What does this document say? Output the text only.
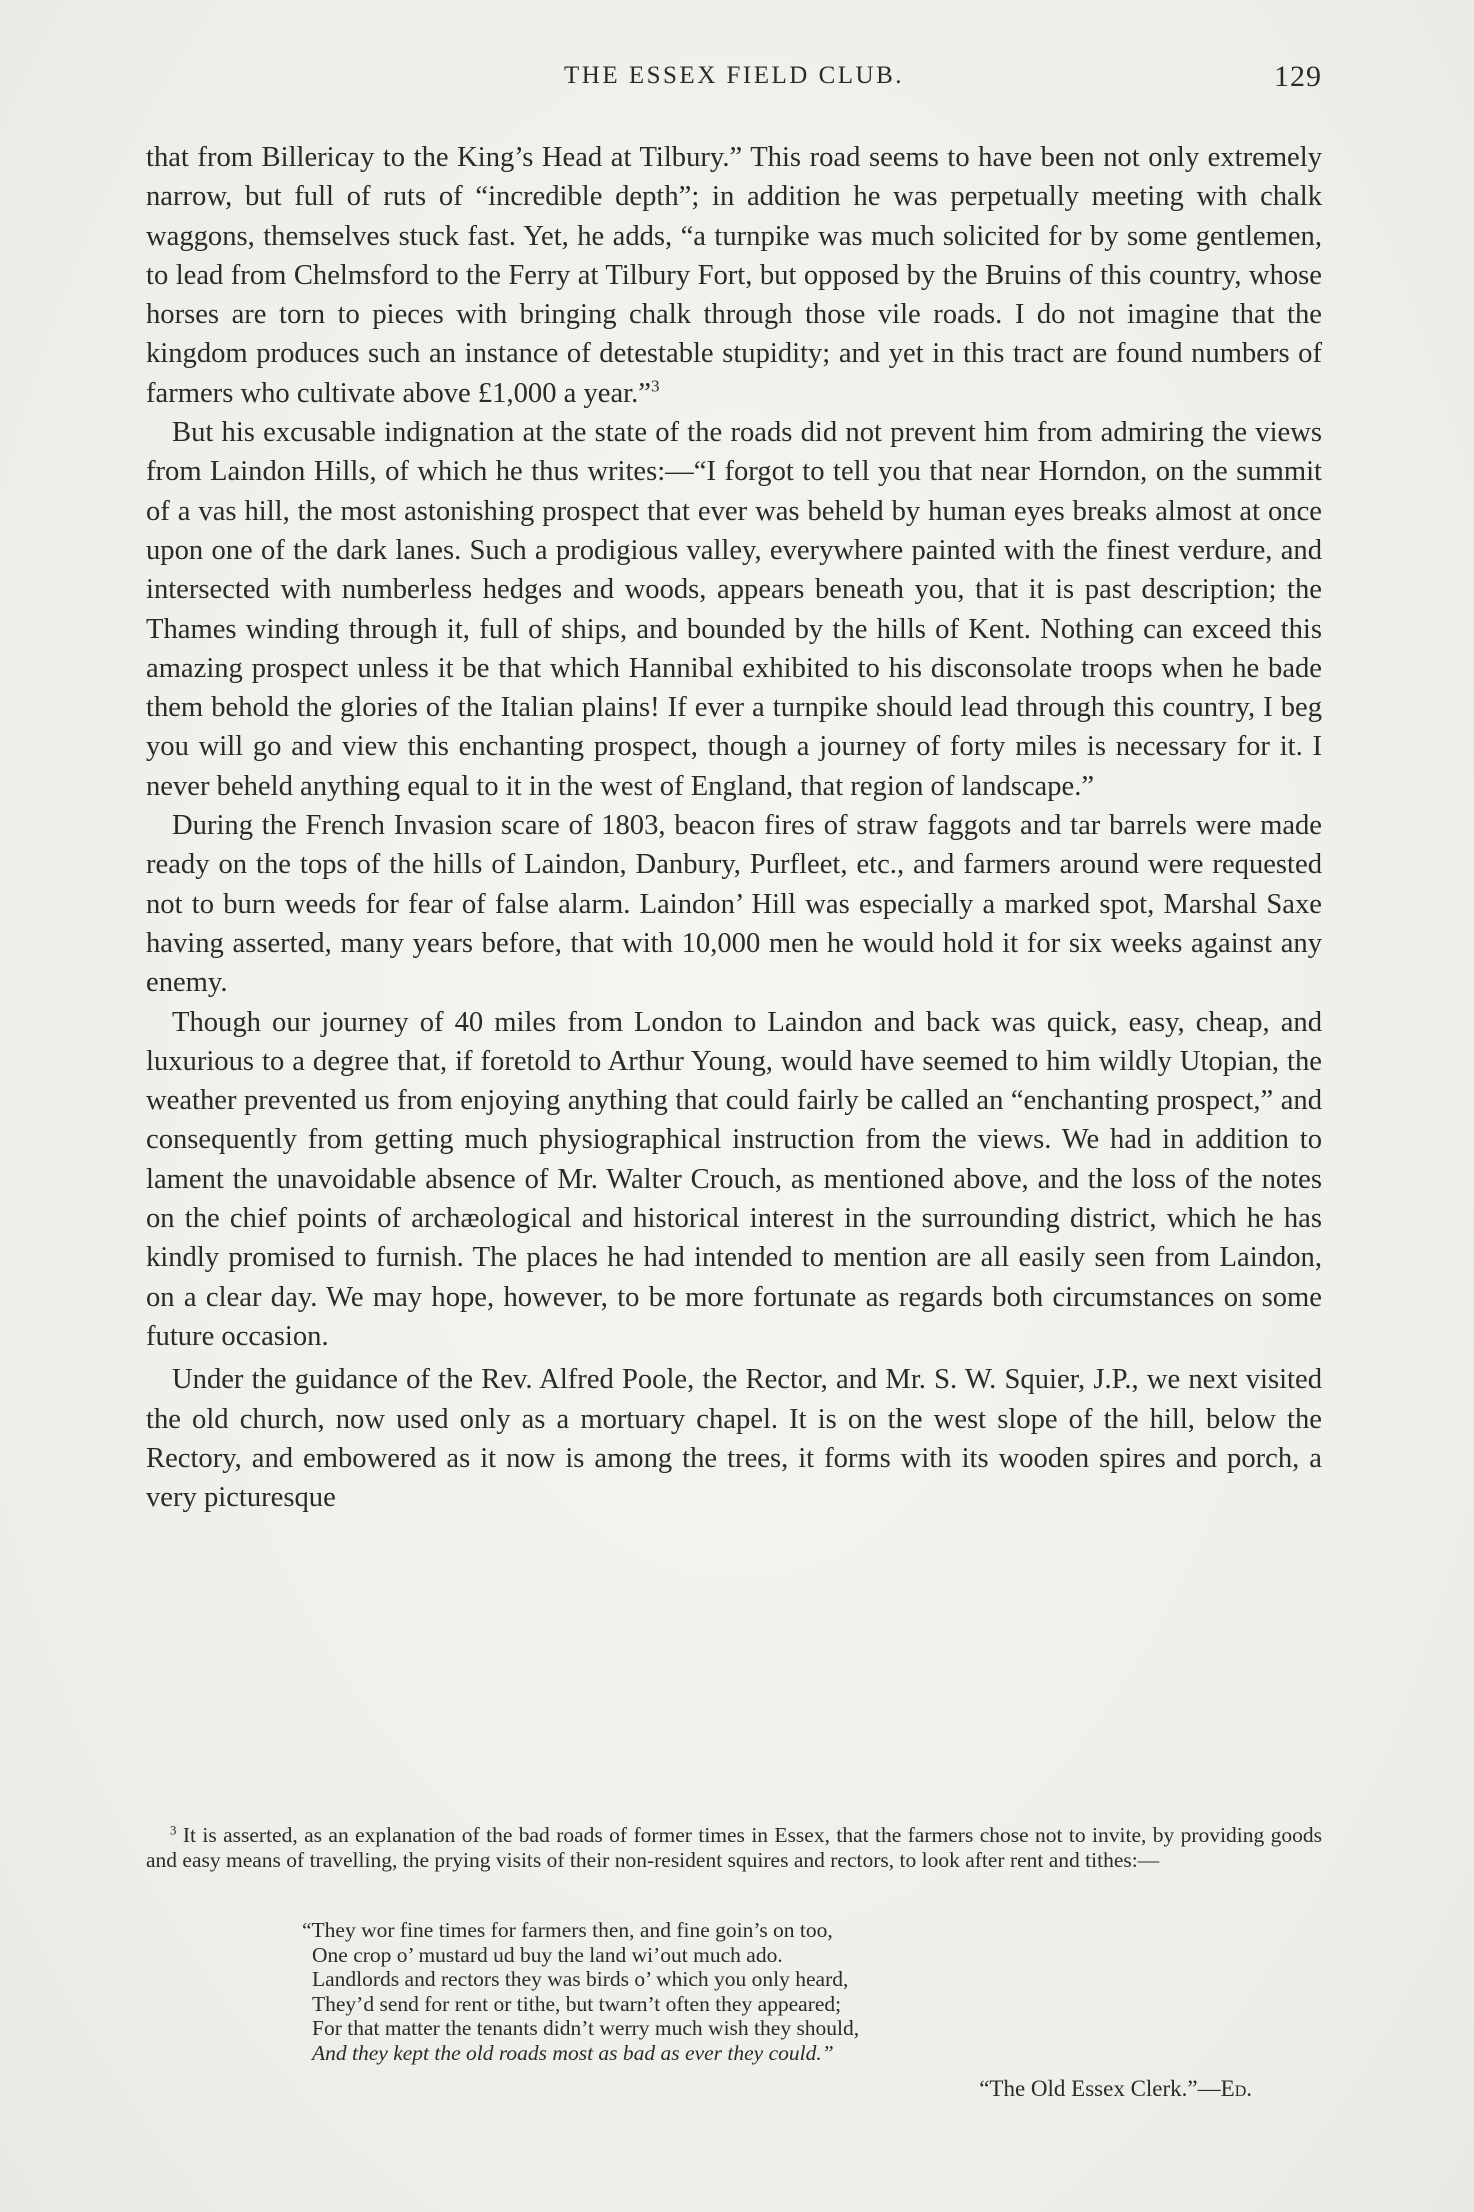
THE ESSEX FIELD CLUB.	129

that from Billericay to the King’s Head at Tilbury.” This road seems to have been not only extremely narrow, but full of ruts of “incredible depth”; in addition he was perpetually meeting with chalk waggons, themselves stuck fast. Yet, he adds, “a turnpike was much solicited for by some gentlemen, to lead from Chelmsford to the Ferry at Tilbury Fort, but opposed by the Bruins of this country, whose horses are torn to pieces with bringing chalk through those vile roads. I do not imagine that the kingdom produces such an instance of detestable stupidity; and yet in this tract are found numbers of farmers who cultivate above £1,000 a year.”$^3$

But his excusable indignation at the state of the roads did not prevent him from admiring the views from Laindon Hills, of which he thus writes:—“I forgot to tell you that near Horndon, on the summit of a vas hill, the most astonishing prospect that ever was beheld by human eyes breaks almost at once upon one of the dark lanes. Such a prodigious valley, everywhere painted with the finest verdure, and intersected with numberless hedges and woods, appears beneath you, that it is past description; the Thames winding through it, full of ships, and bounded by the hills of Kent. Nothing can exceed this amazing prospect unless it be that which Hannibal exhibited to his disconsolate troops when he bade them behold the glories of the Italian plains! If ever a turnpike should lead through this country, I beg you will go and view this enchanting prospect, though a journey of forty miles is necessary for it. I never beheld anything equal to it in the west of England, that region of landscape.”

During the French Invasion scare of 1803, beacon fires of straw faggots and tar barrels were made ready on the tops of the hills of Laindon, Danbury, Purfleet, etc., and farmers around were requested not to burn weeds for fear of false alarm. Laindon’ Hill was especially a marked spot, Marshal Saxe having asserted, many years before, that with 10,000 men he would hold it for six weeks against any enemy.

Though our journey of 40 miles from London to Laindon and back was quick, easy, cheap, and luxurious to a degree that, if foretold to Arthur Young, would have seemed to him wildly Utopian, the weather prevented us from enjoying anything that could fairly be called an “enchanting prospect,” and consequently from getting much physiographical instruction from the views. We had in addition to lament the unavoidable absence of Mr. Walter Crouch, as mentioned above, and the loss of the notes on the chief points of archæological and historical interest in the surrounding district, which he has kindly promised to furnish. The places he had intended to mention are all easily seen from Laindon, on a clear day. We may hope, however, to be more fortunate as regards both circumstances on some future occasion.

Under the guidance of the Rev. Alfred Poole, the Rector, and Mr. S. W. Squier, J.P., we next visited the old church, now used only as a mortuary chapel. It is on the west slope of the hill, below the Rectory, and embowered as it now is among the trees, it forms with its wooden spires and porch, a very picturesque

$^3$ It is asserted, as an explanation of the bad roads of former times in Essex, that the farmers chose not to invite, by providing goods and easy means of travelling, the prying visits of their non-resident squires and rectors, to look after rent and tithes:—

“They wor fine times for farmers then, and fine goin’s on too,
One crop o’ mustard ud buy the land wi’out much ado.
Landlords and rectors they was birds o’ which you only heard,
They’d send for rent or tithe, but twarn’t often they appeared;
For that matter the tenants didn’t werry much wish they should,
And they kept the old roads most as bad as ever they could.”
“The Old Essex Clerk.”—Ed.
